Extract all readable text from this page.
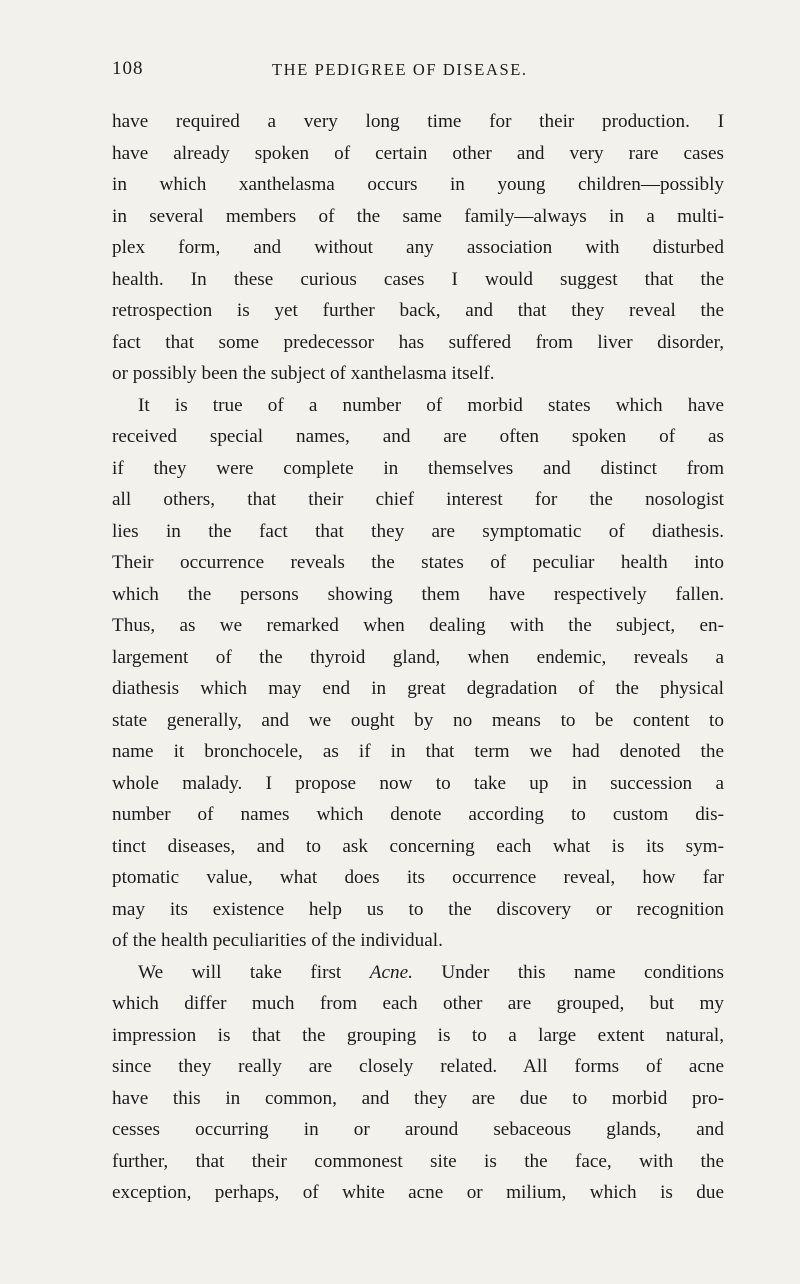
108	THE PEDIGREE OF DISEASE.
have required a very long time for their production. I
have already spoken of certain other and very rare cases
in which xanthelasma occurs in young children—possibly
in several members of the same family—always in a multi-
plex form, and without any association with disturbed
health. In these curious cases I would suggest that the
retrospection is yet further back, and that they reveal the
fact that some predecessor has suffered from liver disorder,
or possibly been the subject of xanthelasma itself.
It is true of a number of morbid states which have
received special names, and are often spoken of as
if they were complete in themselves and distinct from
all others, that their chief interest for the nosologist
lies in the fact that they are symptomatic of diathesis.
Their occurrence reveals the states of peculiar health into
which the persons showing them have respectively fallen.
Thus, as we remarked when dealing with the subject, en-
largement of the thyroid gland, when endemic, reveals a
diathesis which may end in great degradation of the physical
state generally, and we ought by no means to be content to
name it bronchocele, as if in that term we had denoted the
whole malady. I propose now to take up in succession a
number of names which denote according to custom dis-
tinct diseases, and to ask concerning each what is its sym-
ptomatic value, what does its occurrence reveal, how far
may its existence help us to the discovery or recognition
of the health peculiarities of the individual.
We will take first Acne. Under this name conditions
which differ much from each other are grouped, but my
impression is that the grouping is to a large extent natural,
since they really are closely related. All forms of acne
have this in common, and they are due to morbid pro-
cesses occurring in or around sebaceous glands, and
further, that their commonest site is the face, with the
exception, perhaps, of white acne or milium, which is due
